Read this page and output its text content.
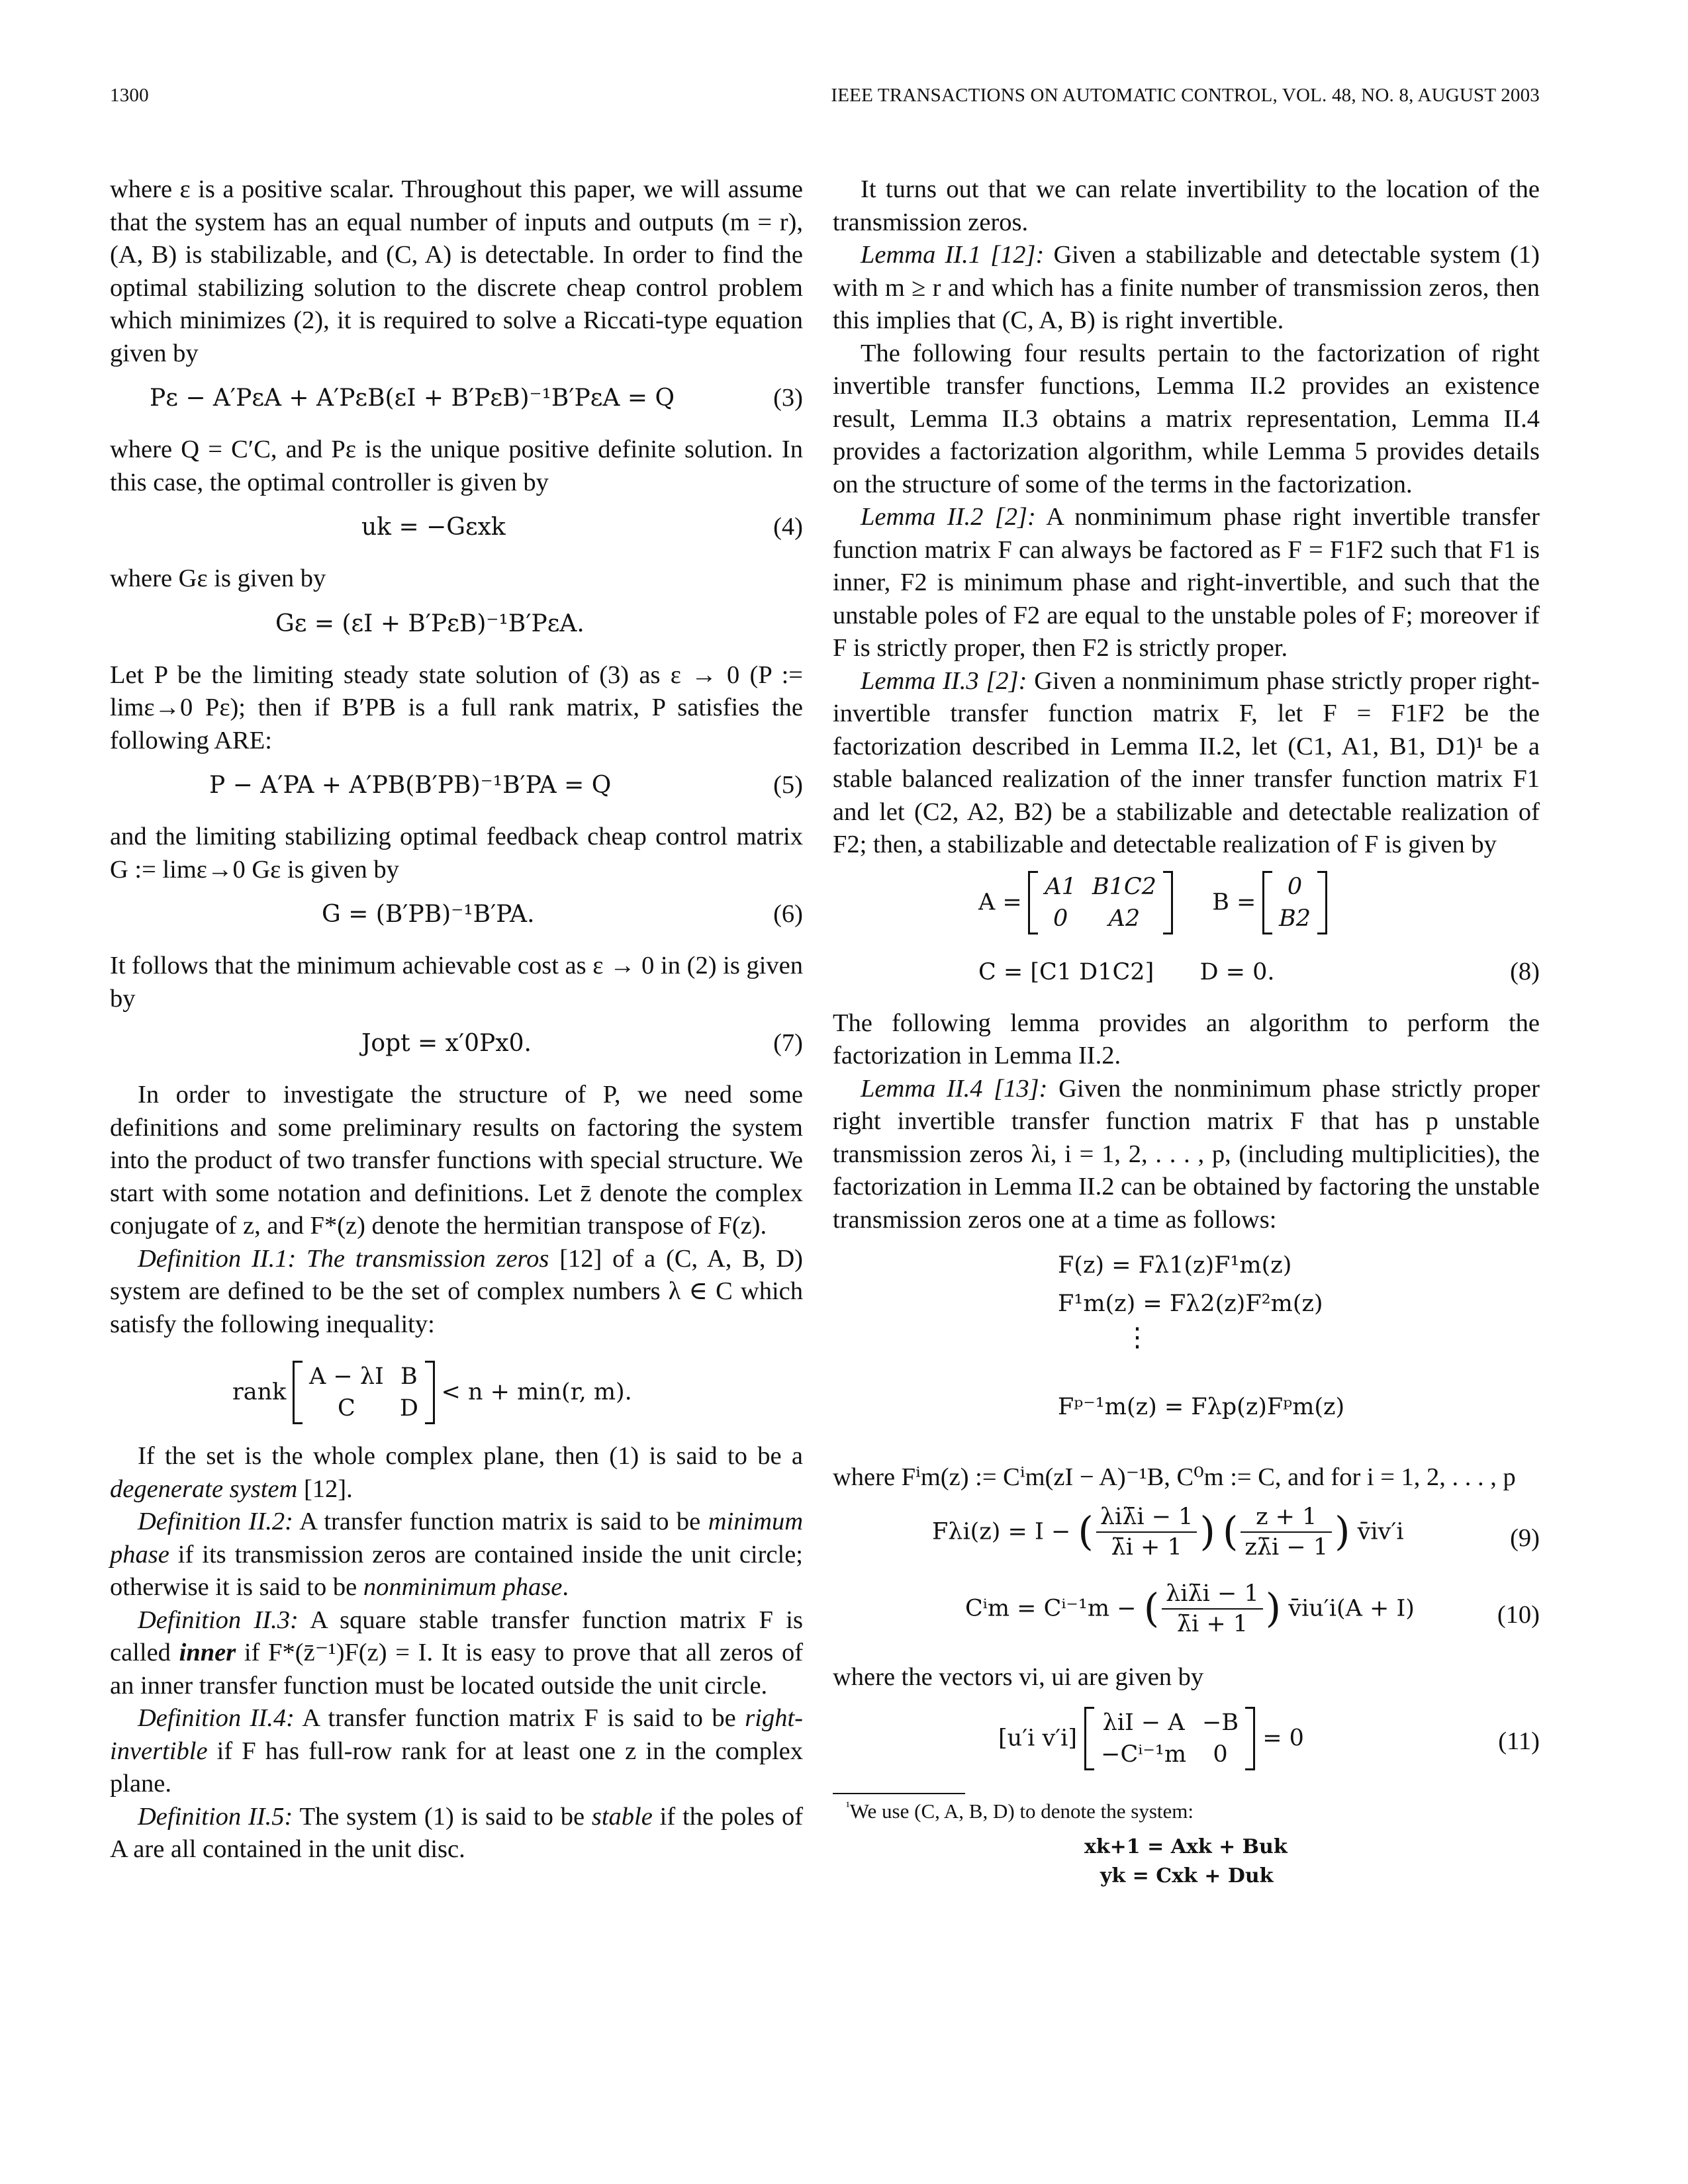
1300	IEEE TRANSACTIONS ON AUTOMATIC CONTROL, VOL. 48, NO. 8, AUGUST 2003

where ε is a positive scalar. Throughout this paper, we will assume that the system has an equal number of inputs and outputs (m = r), (A, B) is stabilizable, and (C, A) is detectable. In order to find the optimal stabilizing solution to the discrete cheap control problem which minimizes (2), it is required to solve a Riccati-type equation given by

Pε − A′PεA + A′PεB(εI + B′PεB)⁻¹B′PεA = Q	(3)

where Q = C′C, and Pε is the unique positive definite solution. In this case, the optimal controller is given by

uk = −Gεxk	(4)

where Gε is given by

Gε = (εI + B′PεB)⁻¹B′PεA.

Let P be the limiting steady state solution of (3) as ε → 0 (P := limε→0 Pε); then if B′PB is a full rank matrix, P satisfies the following ARE:

P − A′PA + A′PB(B′PB)⁻¹B′PA = Q	(5)

and the limiting stabilizing optimal feedback cheap control matrix G := limε→0 Gε is given by

G = (B′PB)⁻¹B′PA.	(6)

It follows that the minimum achievable cost as ε → 0 in (2) is given by

Jopt = x′0Px0.	(7)

In order to investigate the structure of P, we need some definitions and some preliminary results on factoring the system into the product of two transfer functions with special structure. We start with some notation and definitions. Let z̄ denote the complex conjugate of z, and F*(z) denote the hermitian transpose of F(z).

Definition II.1: The transmission zeros [12] of a (C, A, B, D) system are defined to be the set of complex numbers λ ∈ C which satisfy the following inequality:

rank
A − λI	B
C	D
< n + min(r, m).

If the set is the whole complex plane, then (1) is said to be a degenerate system [12].

Definition II.2: A transfer function matrix is said to be minimum phase if its transmission zeros are contained inside the unit circle; otherwise it is said to be nonminimum phase.

Definition II.3: A square stable transfer function matrix F is called inner if F*(z̄⁻¹)F(z) = I. It is easy to prove that all zeros of an inner transfer function must be located outside the unit circle.

Definition II.4: A transfer function matrix F is said to be right-invertible if F has full-row rank for at least one z in the complex plane.

Definition II.5: The system (1) is said to be stable if the poles of A are all contained in the unit disc.

It turns out that we can relate invertibility to the location of the transmission zeros.

Lemma II.1 [12]: Given a stabilizable and detectable system (1) with m ≥ r and which has a finite number of transmission zeros, then this implies that (C, A, B) is right invertible.

The following four results pertain to the factorization of right invertible transfer functions, Lemma II.2 provides an existence result, Lemma II.3 obtains a matrix representation, Lemma II.4 provides a factorization algorithm, while Lemma 5 provides details on the structure of some of the terms in the factorization.

Lemma II.2 [2]: A nonminimum phase right invertible transfer function matrix F can always be factored as F = F1F2 such that F1 is inner, F2 is minimum phase and right-invertible, and such that the unstable poles of F2 are equal to the unstable poles of F; moreover if F is strictly proper, then F2 is strictly proper.

Lemma II.3 [2]: Given a nonminimum phase strictly proper right-invertible transfer function matrix F, let F = F1F2 be the factorization described in Lemma II.2, let (C1, A1, B1, D1)¹ be a stable balanced realization of the inner transfer function matrix F1 and let (C2, A2, B2) be a stabilizable and detectable realization of F2; then, a stabilizable and detectable realization of F is given by

A =
A1	B1C2
0	A2
B =
0
B2
C = [C1 D1C2] D = 0.	(8)

The following lemma provides an algorithm to perform the factorization in Lemma II.2.

Lemma II.4 [13]: Given the nonminimum phase strictly proper right invertible transfer function matrix F that has p unstable transmission zeros λi, i = 1, 2, . . . , p, (including multiplicities), the factorization in Lemma II.2 can be obtained by factoring the unstable transmission zeros one at a time as follows:

F(z) = Fλ1(z)F¹m(z)
F¹m(z) = Fλ2(z)F²m(z)
⋮
Fᵖ⁻¹m(z) = Fλp(z)Fᵖm(z)

where Fⁱm(z) := Cⁱm(zI − A)⁻¹B, C⁰m := C, and for i = 1, 2, . . . , p

Fλi(z) = I − ( $\frac{\text{λiλ̄i − 1}}{\lambdāi + 1}$ ) ( $\frac{z + 1}{z\lambdāi - 1}$ ) v̄iv′i	(9)
Cⁱm = Cⁱ⁻¹m − ( $\frac{\text{λiλ̄i − 1}}{\lambdāi + 1}$ ) v̄iu′i(A + I)	(10)

where the vectors vi, ui are given by

[u′i v′i]
λiI − A	−B
−Cⁱ⁻¹m	0
= 0	(11)
$^{^1}$We use (C, A, B, D) to denote the system:
xk+1 = Axk + Buk
yk = Cxk + Duk
